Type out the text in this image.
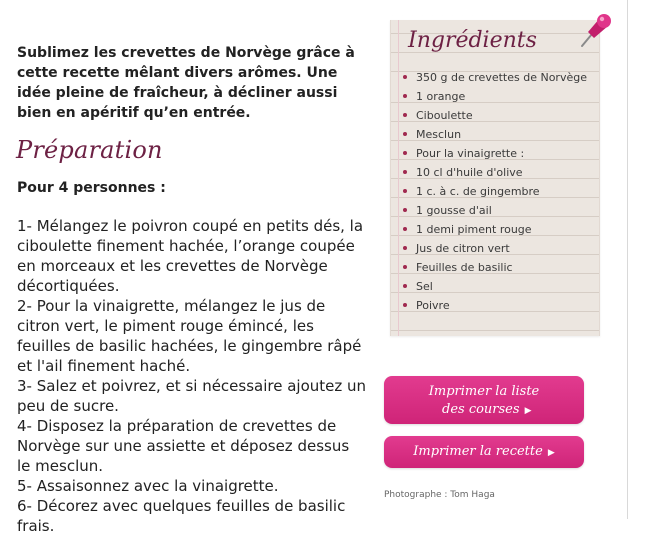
Sublimez les crevettes de Norvège grâce à cette recette mêlant divers arômes. Une idée pleine de fraîcheur, à décliner aussi bien en apéritif qu’en entrée.
Préparation
Pour 4 personnes :

1- Mélangez le poivron coupé en petits dés, la ciboulette finement hachée, l’orange coupée en morceaux et les crevettes de Norvège décortiquées.

2- Pour la vinaigrette, mélangez le jus de citron vert, le piment rouge émincé, les feuilles de basilic hachées, le gingembre râpé et l'ail finement haché.

3- Salez et poivrez, et si nécessaire ajoutez un peu de sucre.

4- Disposez la préparation de crevettes de Norvège sur une assiette et déposez dessus le mesclun.

5- Assaisonnez avec la vinaigrette.

6- Décorez avec quelques feuilles de basilic frais.

Ingrédients
350 g de crevettes de Norvège
1 orange
Ciboulette
Mesclun
Pour la vinaigrette :
10 cl d'huile d'olive
1 c. à c. de gingembre
1 gousse d'ail
1 demi piment rouge
Jus de citron vert
Feuilles de basilic
Sel
Poivre
Imprimer la liste
des courses ▶
Imprimer la recette ▶
Photographe : Tom Haga
